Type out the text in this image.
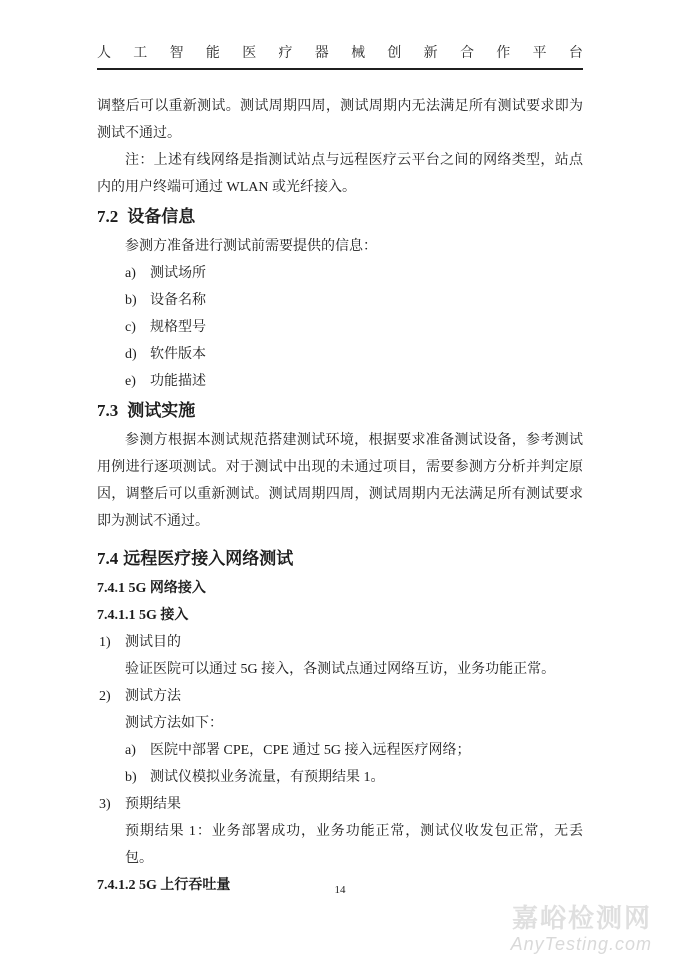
人 工 智 能 医 疗 器 械 创 新 合 作 平 台

调整后可以重新测试。测试周期四周，测试周期内无法满足所有测试要求即为测试不通过。

注：上述有线网络是指测试站点与远程医疗云平台之间的网络类型，站点内的用户终端可通过 WLAN 或光纤接入。

7.2 设备信息

参测方准备进行测试前需要提供的信息：

a) 测试场所
b) 设备名称
c) 规格型号
d) 软件版本
e) 功能描述
7.3 测试实施

参测方根据本测试规范搭建测试环境，根据要求准备测试设备，参考测试用例进行逐项测试。对于测试中出现的未通过项目，需要参测方分析并判定原因，调整后可以重新测试。测试周期四周，测试周期内无法满足所有测试要求即为测试不通过。

7.4 远程医疗接入网络测试
7.4.1 5G 网络接入
7.4.1.1 5G 接入
1) 测试目的

验证医院可以通过 5G 接入，各测试点通过网络互访，业务功能正常。

2) 测试方法

测试方法如下：

a) 医院中部署 CPE，CPE 通过 5G 接入远程医疗网络；
b) 测试仪模拟业务流量，有预期结果 1。
3) 预期结果

预期结果 1：业务部署成功，业务功能正常，测试仪收发包正常，无丢包。

7.4.1.2 5G 上行吞吐量	14
嘉峪检测网
AnyTesting.com
